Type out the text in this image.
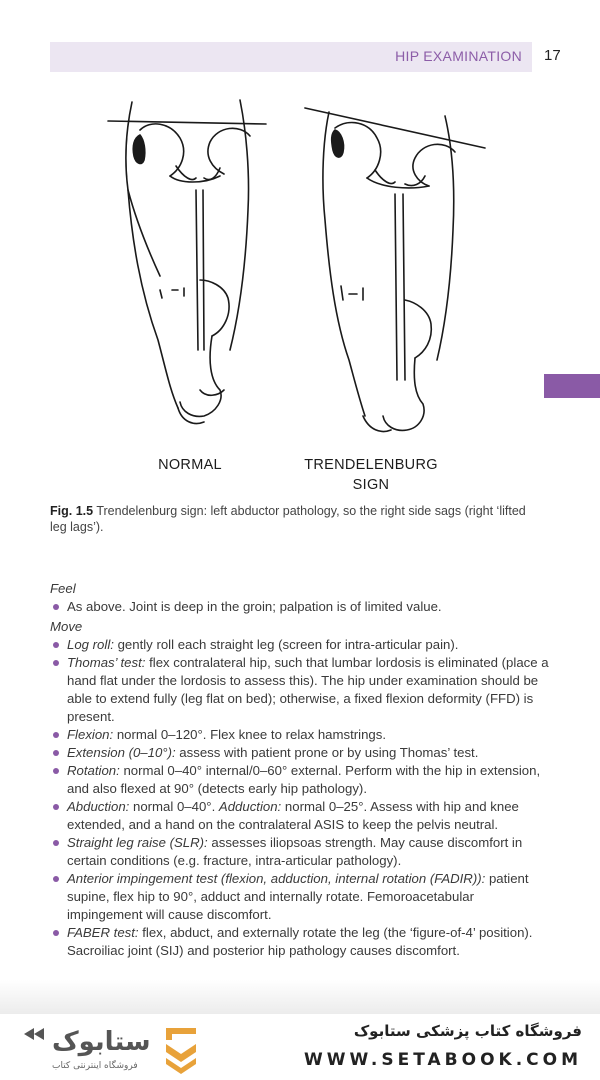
HIP EXAMINATION 17
NORMAL	TRENDELENBURG
SIGN
Fig. 1.5 Trendelenburg sign: left abductor pathology, so the right side sags (right ‘lifted leg lags’).

Feel

As above. Joint is deep in the groin; palpation is of limited value.

Move

Log roll: gently roll each straight leg (screen for intra-articular pain).
Thomas’ test: flex contralateral hip, such that lumbar lordosis is eliminated (place a hand flat under the lordosis to assess this). The hip under examination should be able to extend fully (leg flat on bed); otherwise, a fixed flexion deformity (FFD) is present.
Flexion: normal 0–120°. Flex knee to relax hamstrings.
Extension (0–10°): assess with patient prone or by using Thomas’ test.
Rotation: normal 0–40° internal/0–60° external. Perform with the hip in extension, and also flexed at 90° (detects early hip pathology).
Abduction: normal 0–40°. Adduction: normal 0–25°. Assess with hip and knee extended, and a hand on the contralateral ASIS to keep the pelvis neutral.
Straight leg raise (SLR): assesses iliopsoas strength. May cause discomfort in certain conditions (e.g. fracture, intra-articular pathology).
Anterior impingement test (flexion, adduction, internal rotation (FADIR)): patient supine, flex hip to 90°, adduct and internally rotate. Femoroacetabular impingement will cause discomfort.
FABER test: flex, abduct, and externally rotate the leg (the ‘figure-of-4’ position). Sacroiliac joint (SIJ) and posterior hip pathology causes discomfort.
ستابوک
فروشگاه اینترنتی کتاب
فروشگاه کتاب پزشکی ستابوک
WWW.SETABOOK.COM
